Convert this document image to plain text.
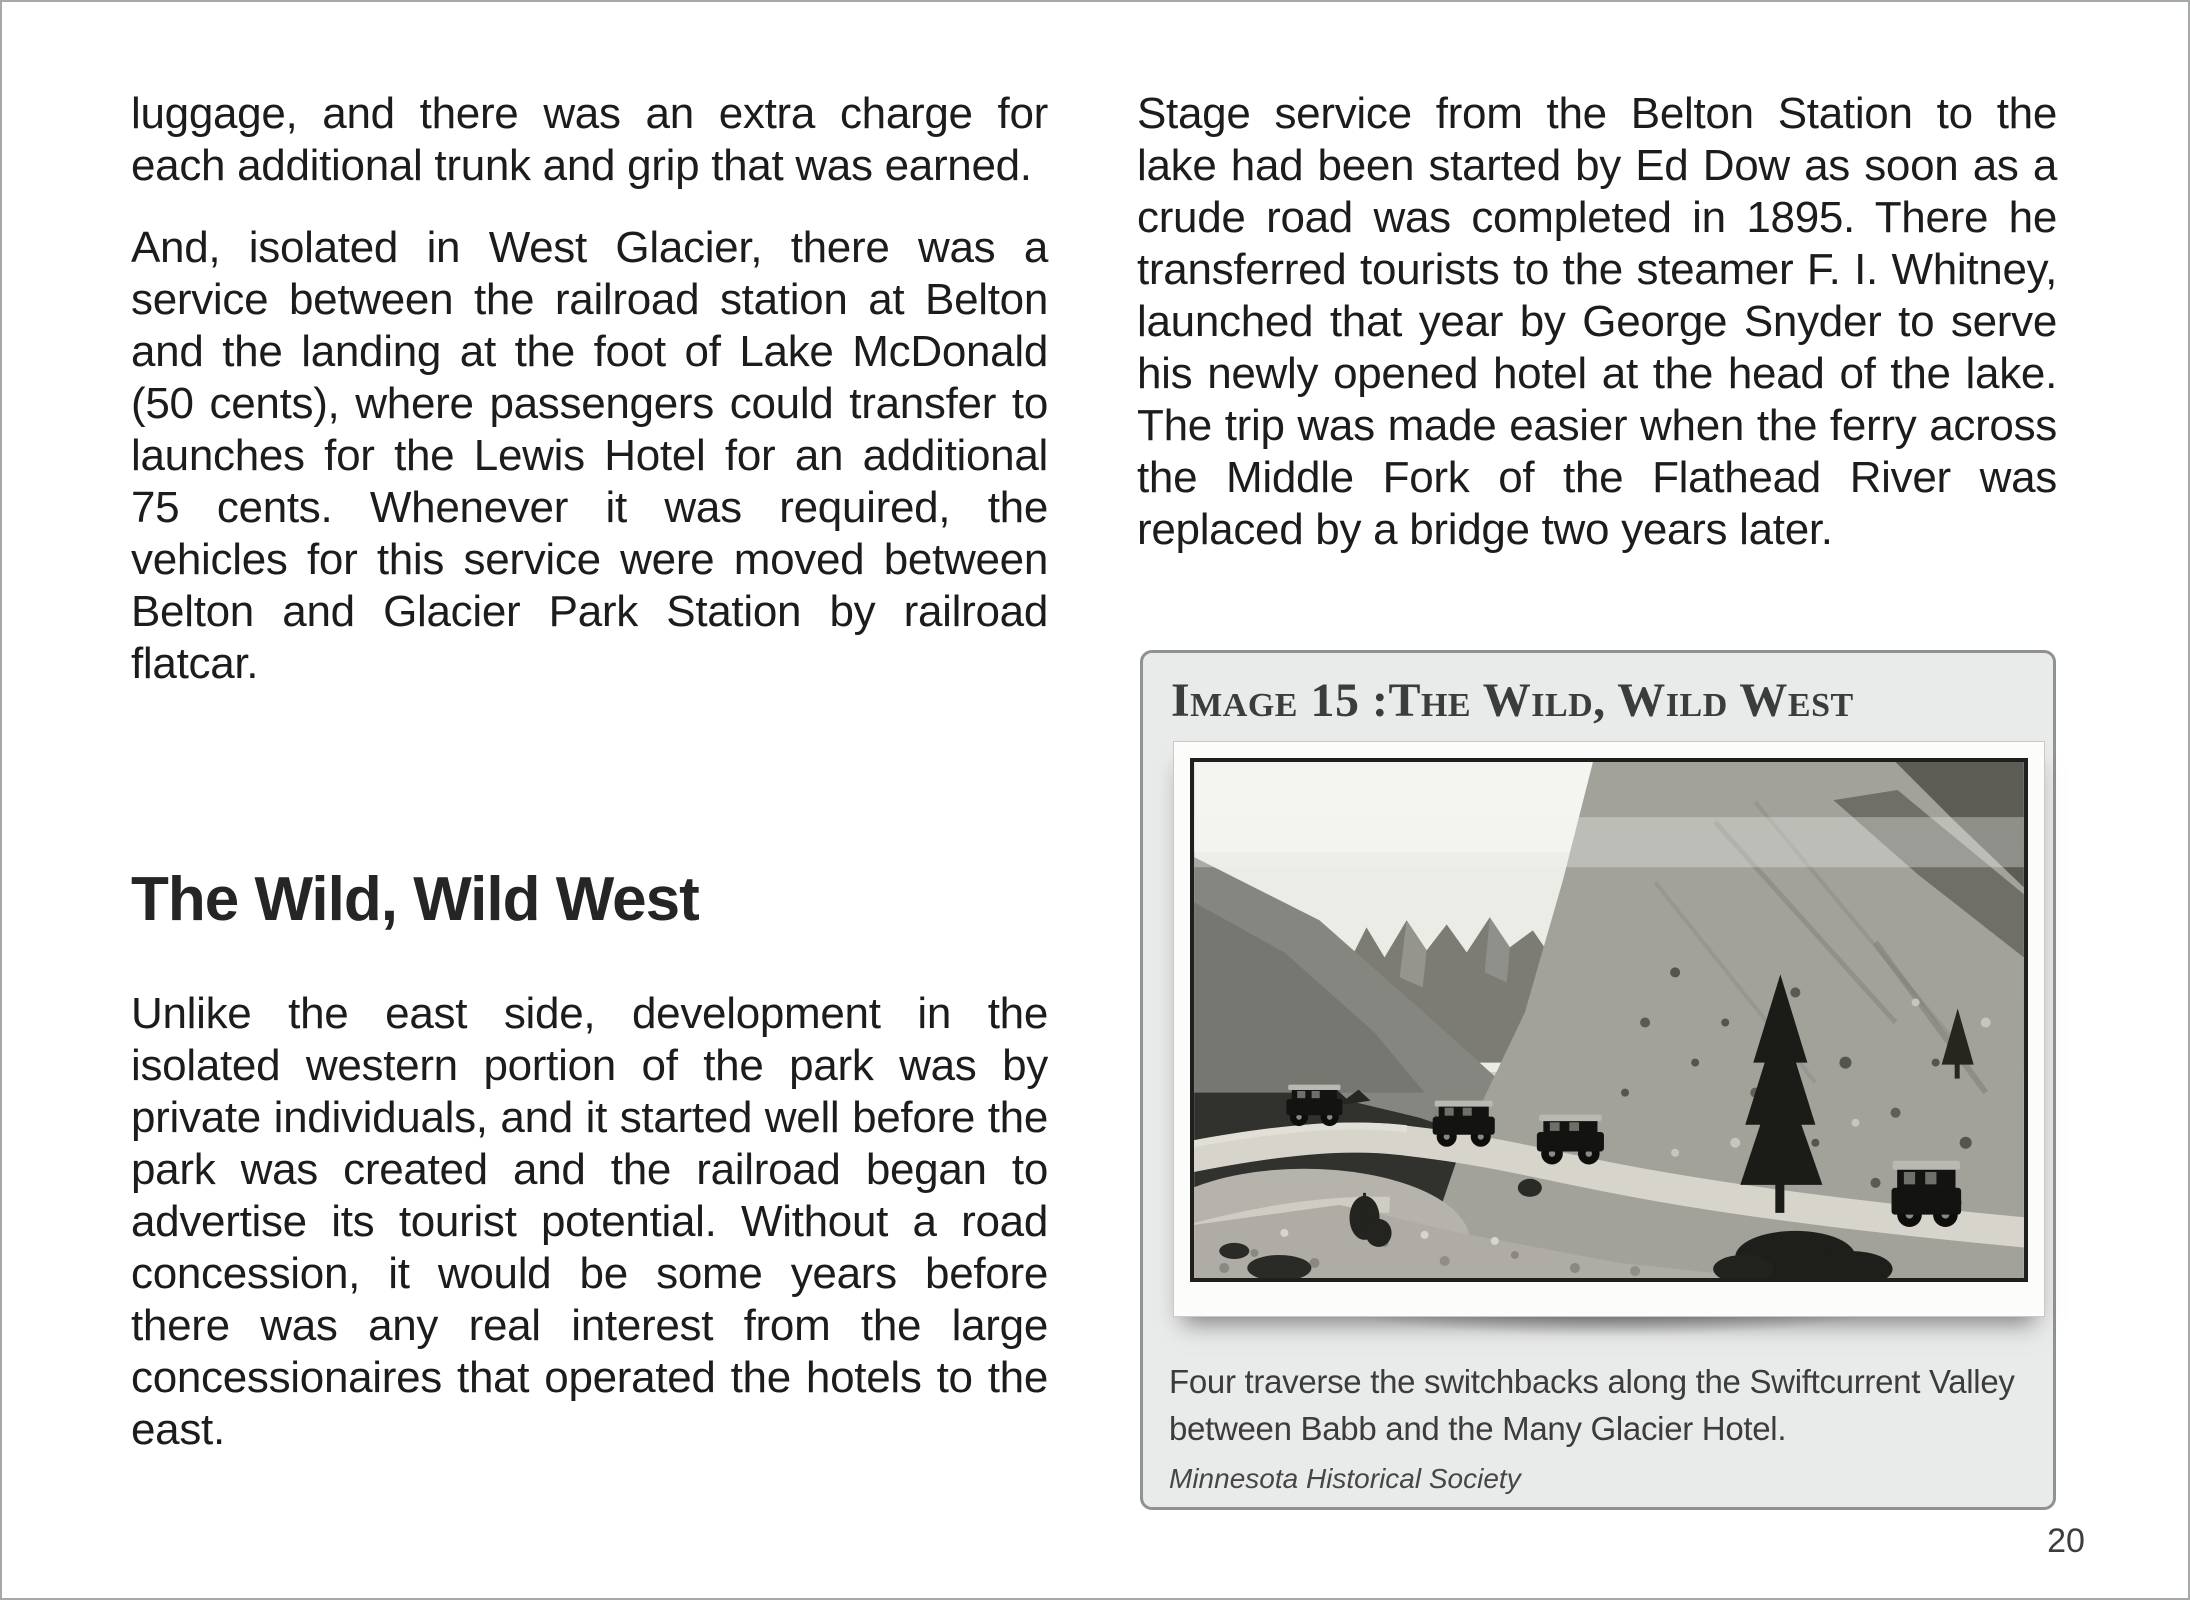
luggage, and there was an extra charge for each additional trunk and grip that was earned.

And, isolated in West Glacier, there was a service between the railroad station at Belton and the landing at the foot of Lake McDonald (50 cents), where passengers could transfer to launches for the Lewis Hotel for an additional 75 cents. Whenever it was required, the vehicles for this service were moved between Belton and Glacier Park Station by railroad flatcar.

The Wild, Wild West

Unlike the east side, development in the isolated western portion of the park was by private individuals, and it started well before the park was created and the railroad began to advertise its tourist potential. Without a road concession, it would be some years before there was any real interest from the large concessionaires that operated the hotels to the east.

Stage service from the Belton Station to the lake had been started by Ed Dow as soon as a crude road was completed in 1895. There he transferred tourists to the steamer F. I. Whitney, launched that year by George Snyder to serve his newly opened hotel at the head of the lake. The trip was made easier when the ferry across the Middle Fork of the Flathead River was replaced by a bridge two years later.

Image 15 :The Wild, Wild West
Four traverse the switchbacks along the Swiftcurrent Valley between Babb and the Many Glacier Hotel.
Minnesota Historical Society
20
